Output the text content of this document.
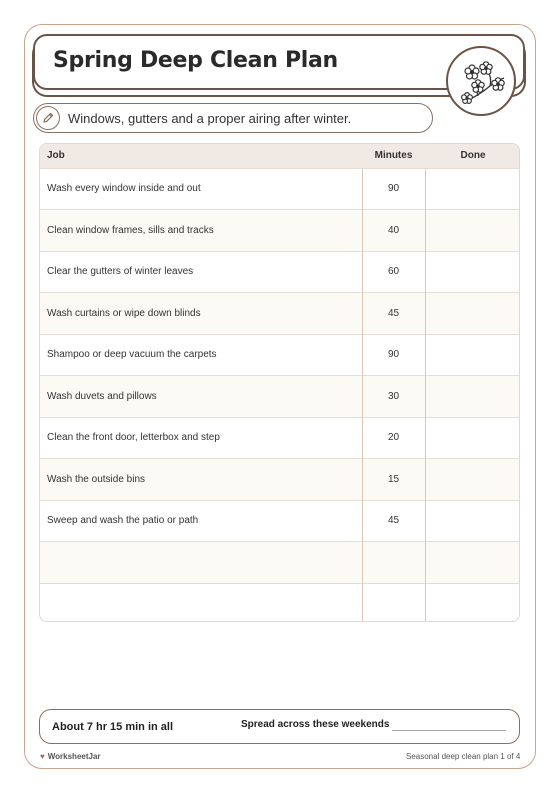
Spring Deep Clean Plan
Windows, gutters and a proper airing after winter.
Job	Minutes	Done
Wash every window inside and out	90	
Clean window frames, sills and tracks	40	
Clear the gutters of winter leaves	60	
Wash curtains or wipe down blinds	45	
Shampoo or deep vacuum the carpets	90	
Wash duvets and pillows	30	
Clean the front door, letterbox and step	20	
Wash the outside bins	15	
Sweep and wash the patio or path	45	

About 7 hr 15 min in all	Spread across these weekends
♥ WorksheetJar	Seasonal deep clean plan 1 of 4
